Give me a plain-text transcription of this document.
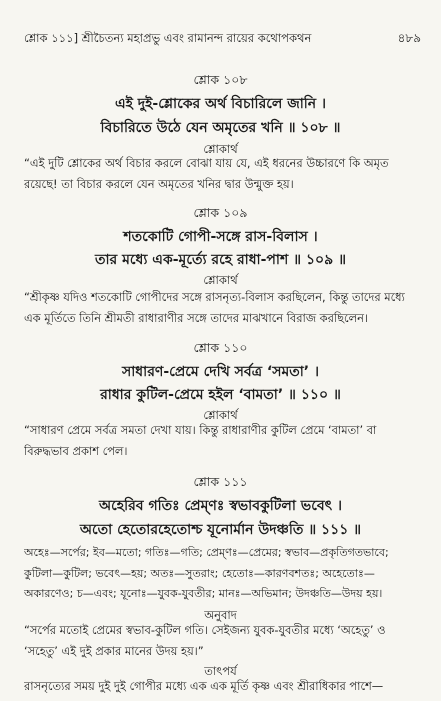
শ্লোক ১১১] শ্রীচৈতন্য মহাপ্রভু এবং রামানন্দ রায়ের কথোপকথন	৪৮৯
শ্লোক ১০৮
এই দুই-শ্লোকের অর্থ বিচারিলে জানি ।
বিচারিতে উঠে যেন অমৃতের খনি ॥ ১০৮ ॥
শ্লোকার্থ
“এই দুটি শ্লোকের অর্থ বিচার করলে বোঝা যায় যে, এই ধরনের উচ্চারণে কি অমৃত
রয়েছে! তা বিচার করলে যেন অমৃতের খনির দ্বার উন্মুক্ত হয়।
শ্লোক ১০৯
শতকোটি গোপী-সঙ্গে রাস-বিলাস ।
তার মধ্যে এক-মূর্ত্যে রহে রাধা-পাশ ॥ ১০৯ ॥
শ্লোকার্থ
“শ্রীকৃষ্ণ যদিও শতকোটি গোপীদের সঙ্গে রাসনৃত্য-বিলাস করছিলেন, কিন্তু তাদের মধ্যে
এক মূর্তিতে তিনি শ্রীমতী রাধারাণীর সঙ্গে তাদের মাঝখানে বিরাজ করছিলেন।
শ্লোক ১১০
সাধারণ-প্রেমে দেখি সর্বত্র ‘সমতা’ ।
রাধার কুটিল-প্রেমে হইল ‘বামতা’ ॥ ১১০ ॥
শ্লোকার্থ
“সাধারণ প্রেমে সর্বত্র সমতা দেখা যায়। কিন্তু রাধারাণীর কুটিল প্রেমে ‘বামতা’ বা
বিরুদ্ধভাব প্রকাশ পেল।
শ্লোক ১১১
অহেরিব গতিঃ প্রেম্ণঃ স্বভাবকুটিলা ভবেৎ ।
অতো হেতোরহেতোশ্চ যূনোর্মান উদঞ্চতি ॥ ১১১ ॥
অহেঃ—সর্পের; ইব—মতো; গতিঃ—গতি; প্রেম্ণঃ—প্রেমের; স্বভাব—প্রকৃতিগতভাবে;
কুটিলা—কুটিল; ভবেৎ—হয়; অতঃ—সুতরাং; হেতোঃ—কারণবশতঃ; অহেতোঃ—
অকারণেও; চ—এবং; যূনোঃ—যুবক-যুবতীর; মানঃ—অভিমান; উদঞ্চতি—উদয় হয়।
অনুবাদ
“সর্পের মতোই প্রেমের স্বভাব-কুটিল গতি। সেইজন্য যুবক-যুবতীর মধ্যে ‘অহেতু’ ও
‘সহেতু’ এই দুই প্রকার মানের উদয় হয়।”
তাৎপর্য
রাসনৃত্যের সময় দুই দুই গোপীর মধ্যে এক এক মূর্তি কৃষ্ণ এবং শ্রীরাধিকার পাশে—
